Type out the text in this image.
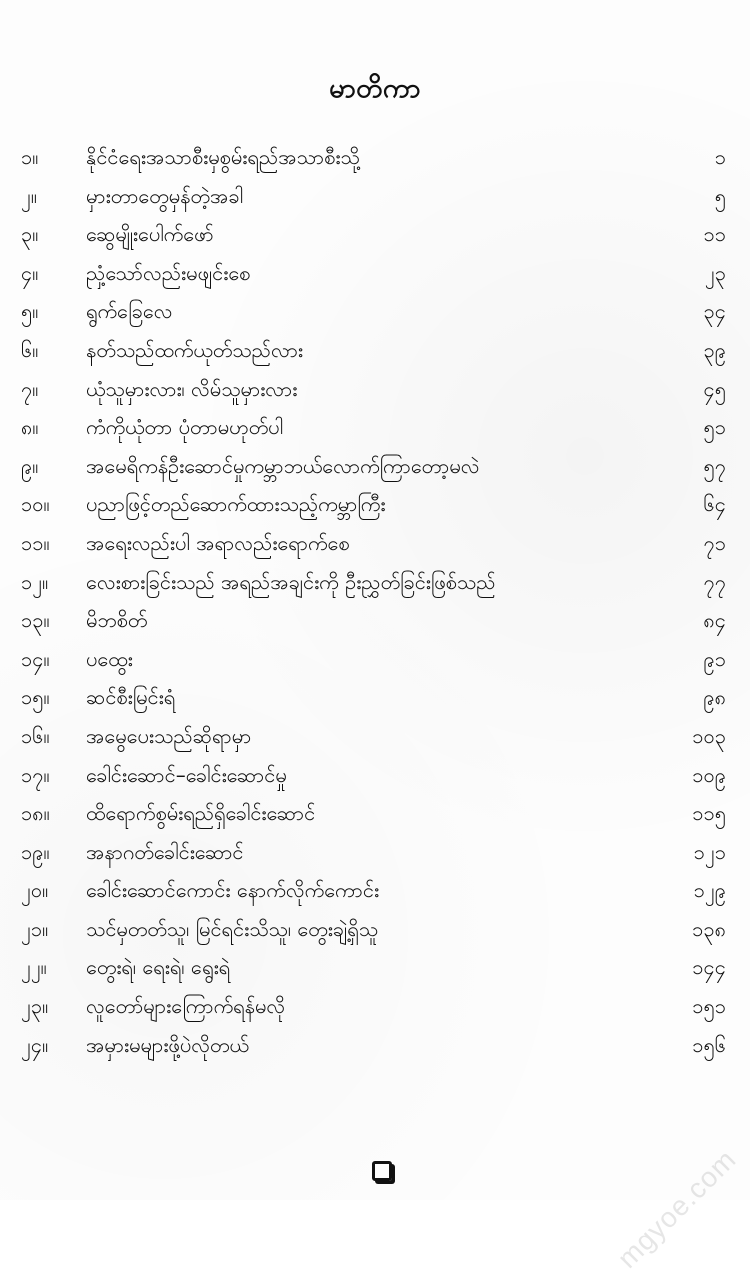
မာတိကာ
၁။	နိုင်ငံရေးအသာစီးမှစွမ်းရည်အသာစီးသို့	၁
၂။	မှားတာတွေမှန်တဲ့အခါ	၅
၃။	ဆွေမျိုးပေါက်ဖော်	၁၁
၄။	ညှံ့သော်လည်းမဖျင်းစေ	၂၃
၅။	ရွက်ခြေလေ	၃၄
၆။	နတ်သည်ထက်ယုတ်သည်လား	၃၉
၇။	ယုံသူမှားလား၊ လိမ်သူမှားလား	၄၅
၈။	ကံကိုယုံတာ ပုံတာမဟုတ်ပါ	၅၁
၉။	အမေရိကန်ဦးဆောင်မှုကမ္ဘာဘယ်လောက်ကြာတော့မလဲ	၅၇
၁၀။	ပညာဖြင့်တည်ဆောက်ထားသည့်ကမ္ဘာကြီး	၆၄
၁၁။	အရေးလည်းပါ အရာလည်းရောက်စေ	၇၁
၁၂။	လေးစားခြင်းသည် အရည်အချင်းကို ဦးညွှတ်ခြင်းဖြစ်သည်	၇၇
၁၃။	မိဘစိတ်	၈၄
၁၄။	ပထွေး	၉၁
၁၅။	ဆင်စီးမြင်းရံ	၉၈
၁၆။	အမွေပေးသည်ဆိုရာမှာ	၁၀၃
၁၇။	ခေါင်းဆောင်–ခေါင်းဆောင်မှု	၁၀၉
၁၈။	ထိရောက်စွမ်းရည်ရှိခေါင်းဆောင်	၁၁၅
၁၉။	အနာဂတ်ခေါင်းဆောင်	၁၂၁
၂၀။	ခေါင်းဆောင်ကောင်း နောက်လိုက်ကောင်း	၁၂၉
၂၁။	သင်မှတတ်သူ၊ မြင်ရင်းသိသူ၊ တွေးချဲ့ရှိသူ	၁၃၈
၂၂။	တွေးရဲ၊ ရေးရဲ၊ ရွေးရဲ	၁၄၄
၂၃။	လူတော်များကြောက်ရန်မလို	၁၅၁
၂၄။	အမှားမများဖို့ပဲလိုတယ်	၁၅၆
mgyoe.com
